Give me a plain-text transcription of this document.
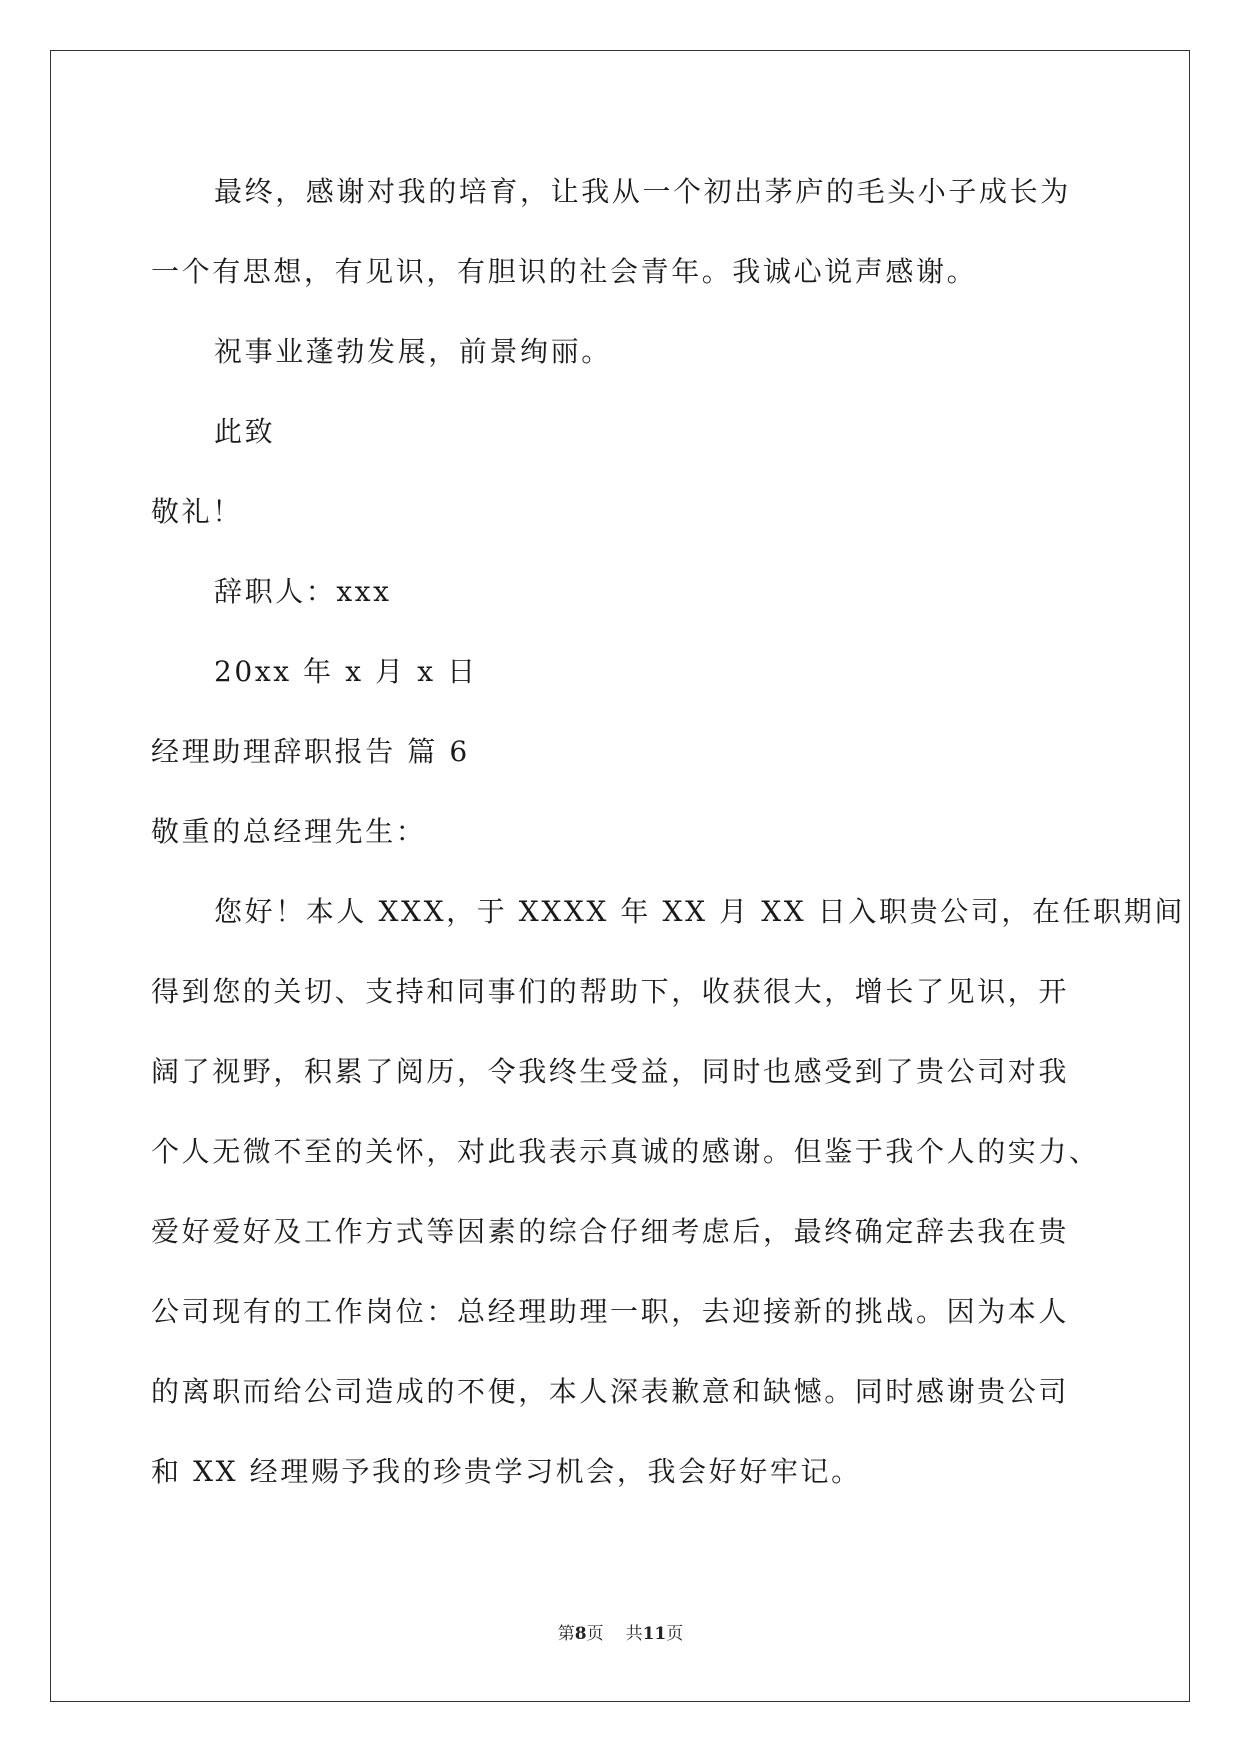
最终，感谢对我的培育，让我从一个初出茅庐的毛头小子成长为
一个有思想，有见识，有胆识的社会青年。我诚心说声感谢。
祝事业蓬勃发展，前景绚丽。
此致
敬礼！
辞职人：xxx
20xx 年 x 月 x 日
经理助理辞职报告 篇 6
敬重的总经理先生：
您好！本人 XXX，于 XXXX 年 XX 月 XX 日入职贵公司，在任职期间
得到您的关切、支持和同事们的帮助下，收获很大，增长了见识，开
阔了视野，积累了阅历，令我终生受益，同时也感受到了贵公司对我
个人无微不至的关怀，对此我表示真诚的感谢。但鉴于我个人的实力、
爱好爱好及工作方式等因素的综合仔细考虑后，最终确定辞去我在贵
公司现有的工作岗位：总经理助理一职，去迎接新的挑战。因为本人
的离职而给公司造成的不便，本人深表歉意和缺憾。同时感谢贵公司
和 XX 经理赐予我的珍贵学习机会，我会好好牢记。
第8页 共11页
